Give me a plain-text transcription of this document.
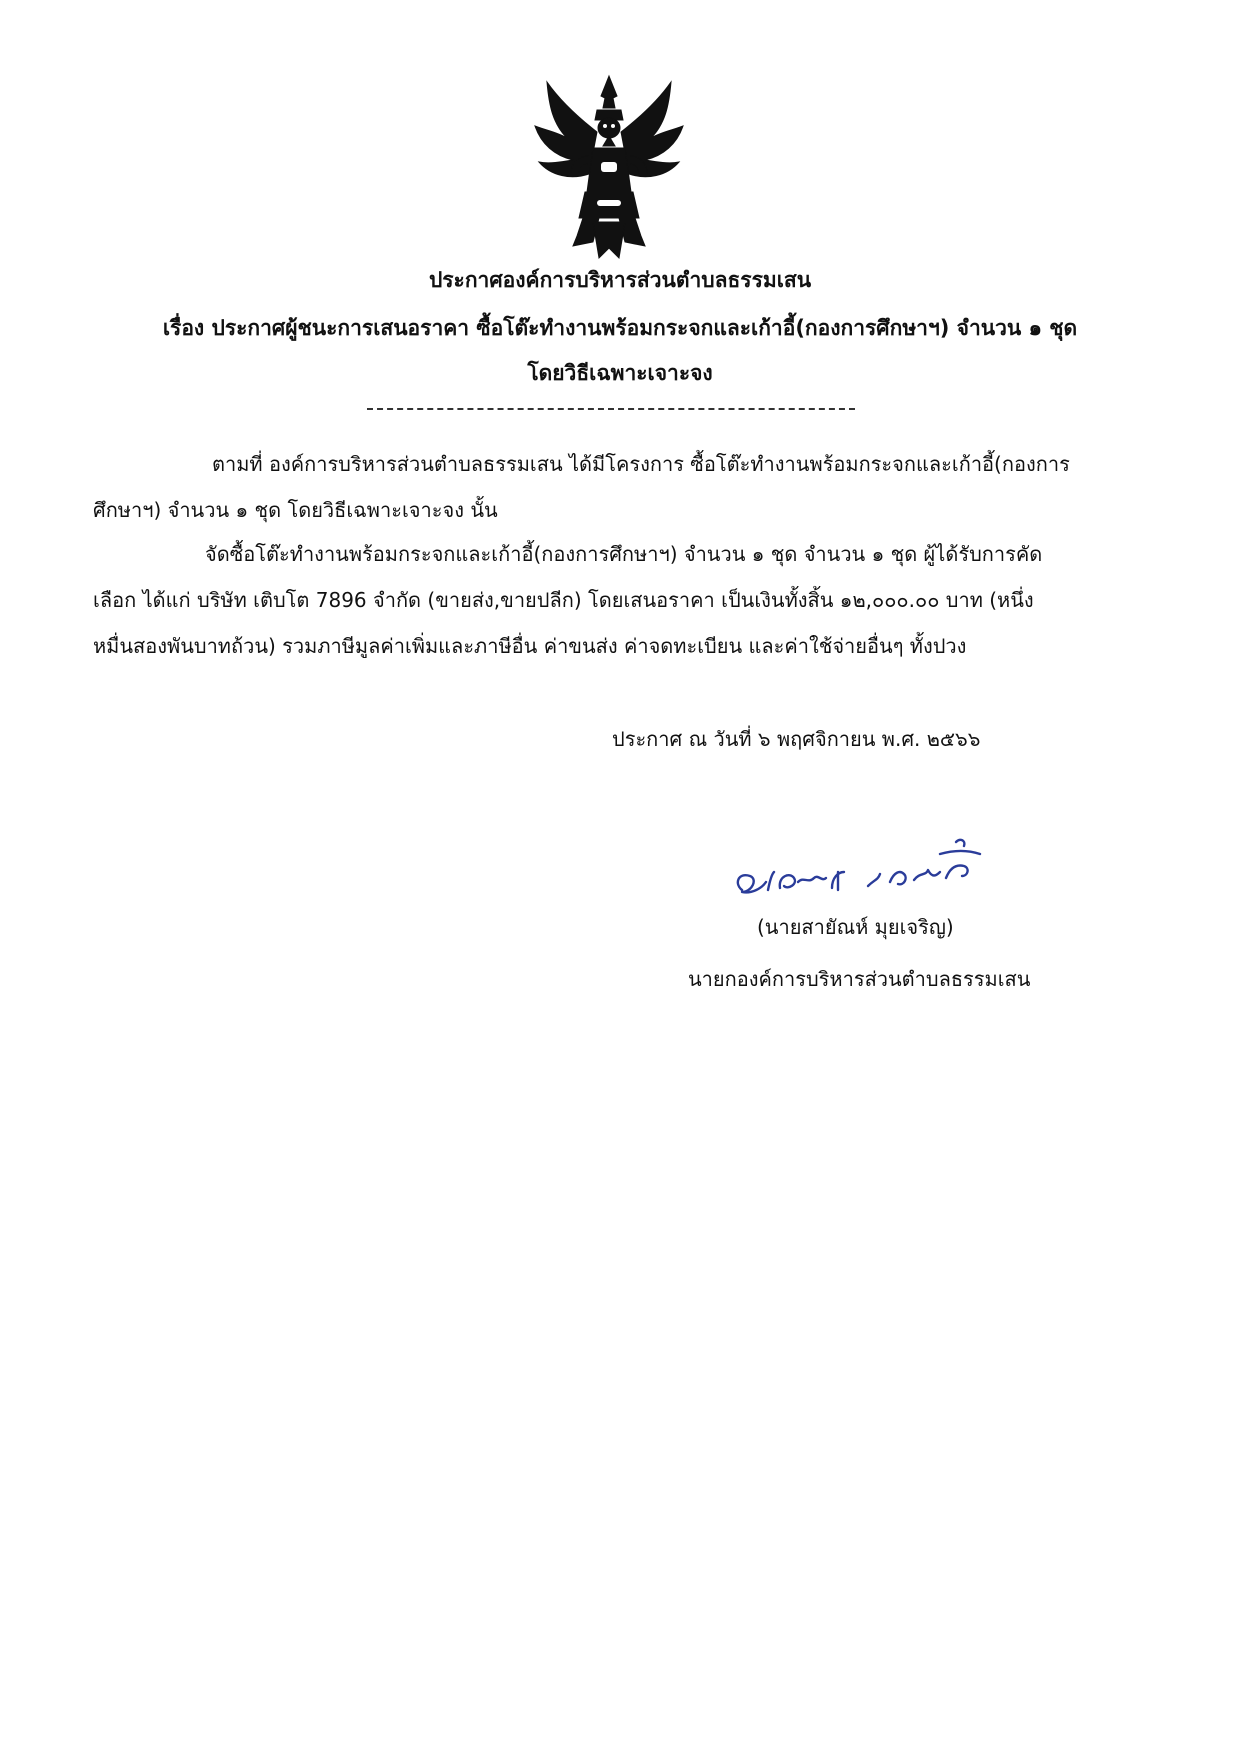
ประกาศองค์การบริหารส่วนตำบลธรรมเสน
เรื่อง ประกาศผู้ชนะการเสนอราคา ซื้อโต๊ะทำงานพร้อมกระจกและเก้าอี้(กองการศึกษาฯ) จำนวน ๑ ชุด
โดยวิธีเฉพาะเจาะจง
ตามที่ องค์การบริหารส่วนตำบลธรรมเสน ได้มีโครงการ ซื้อโต๊ะทำงานพร้อมกระจกและเก้าอี้(กองการ
ศึกษาฯ) จำนวน ๑ ชุด โดยวิธีเฉพาะเจาะจง นั้น
จัดซื้อโต๊ะทำงานพร้อมกระจกและเก้าอี้(กองการศึกษาฯ) จำนวน ๑ ชุด จำนวน ๑ ชุด ผู้ได้รับการคัด
เลือก ได้แก่ บริษัท เติบโต 7896 จำกัด (ขายส่ง,ขายปลีก) โดยเสนอราคา เป็นเงินทั้งสิ้น ๑๒,๐๐๐.๐๐ บาท (หนึ่ง
หมื่นสองพันบาทถ้วน) รวมภาษีมูลค่าเพิ่มและภาษีอื่น ค่าขนส่ง ค่าจดทะเบียน และค่าใช้จ่ายอื่นๆ ทั้งปวง
ประกาศ ณ วันที่ ๖ พฤศจิกายน พ.ศ. ๒๕๖๖
(นายสายัณห์ มุยเจริญ)
นายกองค์การบริหารส่วนตำบลธรรมเสน
